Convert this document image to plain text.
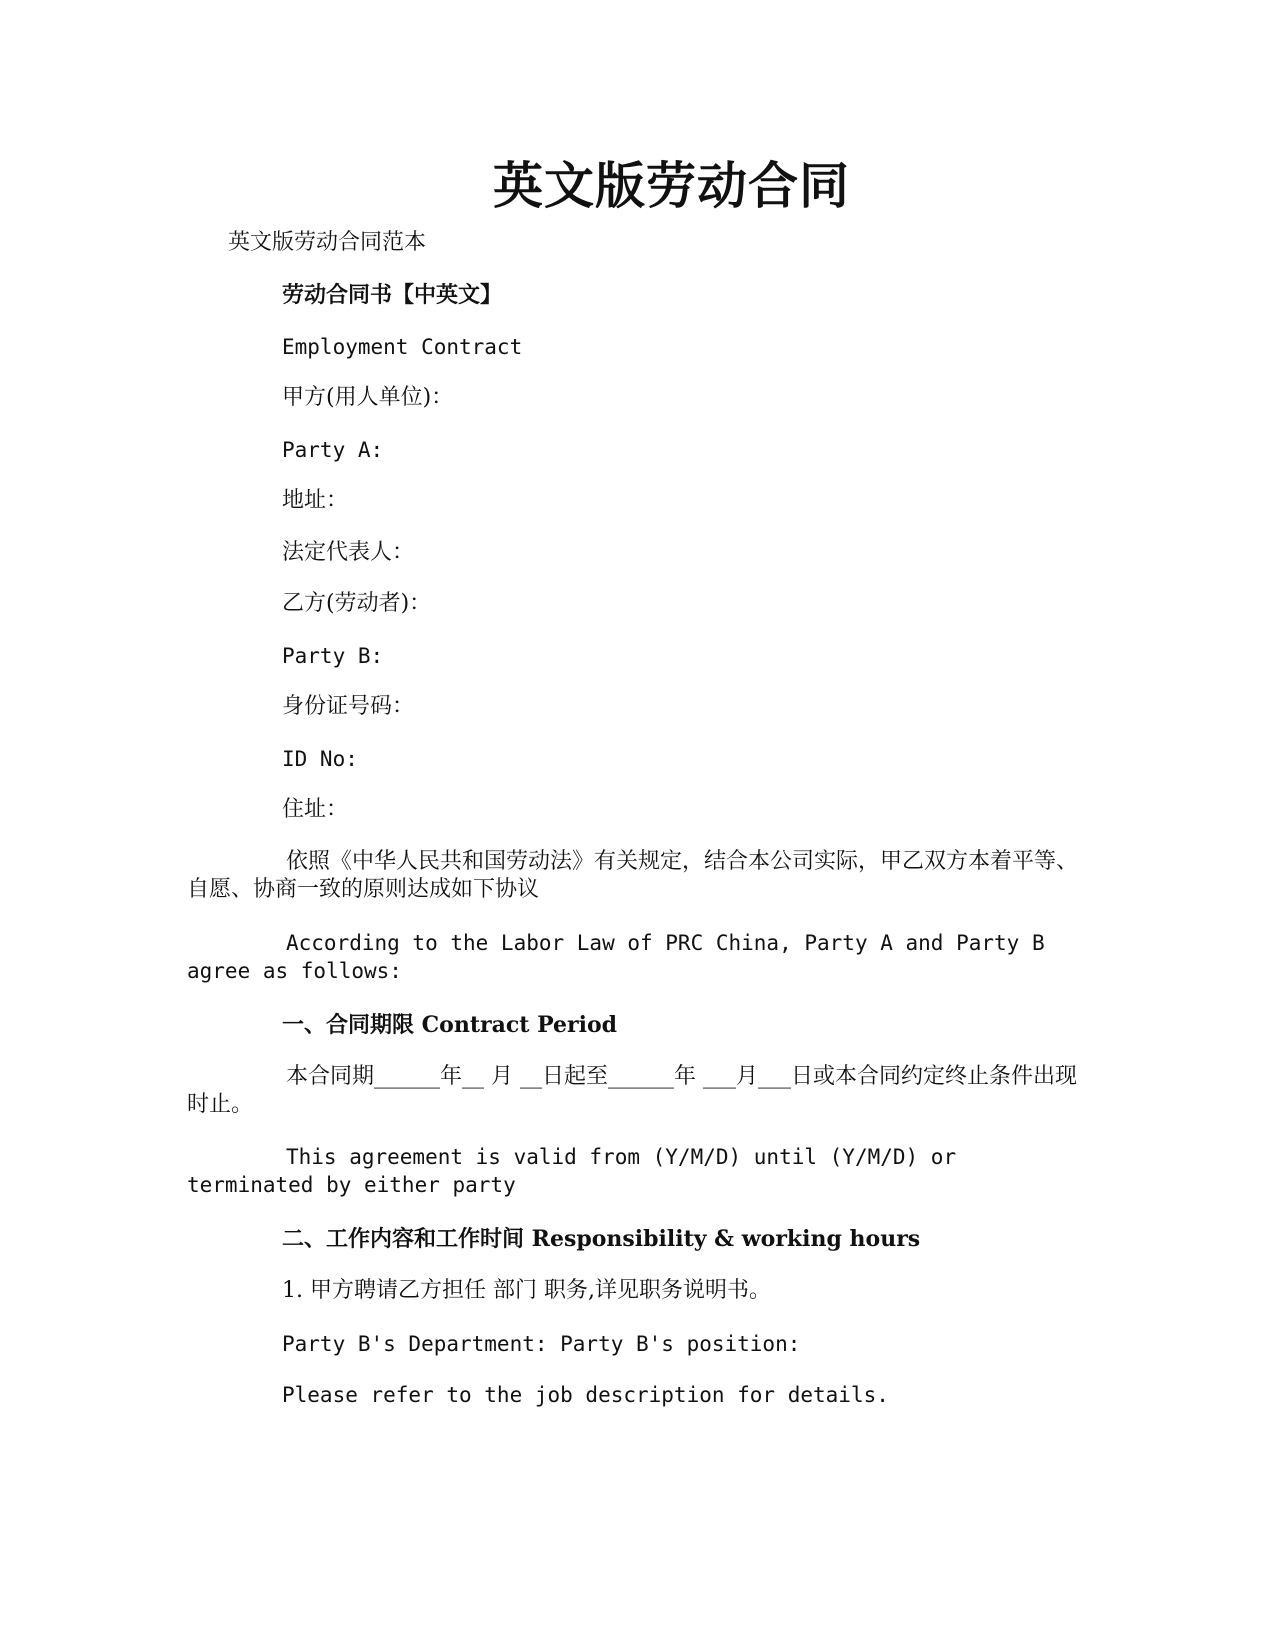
英文版劳动合同

英文版劳动合同范本

劳动合同书【中英文】

Employment Contract

甲方(用人单位)：

Party A:

地址：

法定代表人：

乙方(劳动者)：

Party B:

身份证号码：

ID No:

住址：

依照《中华人民共和国劳动法》有关规定，结合本公司实际，甲乙双方本着平等、自愿、协商一致的原则达成如下协议

According to the Labor Law of PRC China, Party A and Party B agree as follows:

一、合同期限 Contract Period

本合同期______年__ 月 __日起至______年 ___月___日或本合同约定终止条件出现时止。

This agreement is valid from (Y/M/D) until (Y/M/D) or terminated by either party

二、工作内容和工作时间 Responsibility & working hours

1. 甲方聘请乙方担任 部门 职务,详见职务说明书。

Party B's Department: Party B's position:

Please refer to the job description for details.
